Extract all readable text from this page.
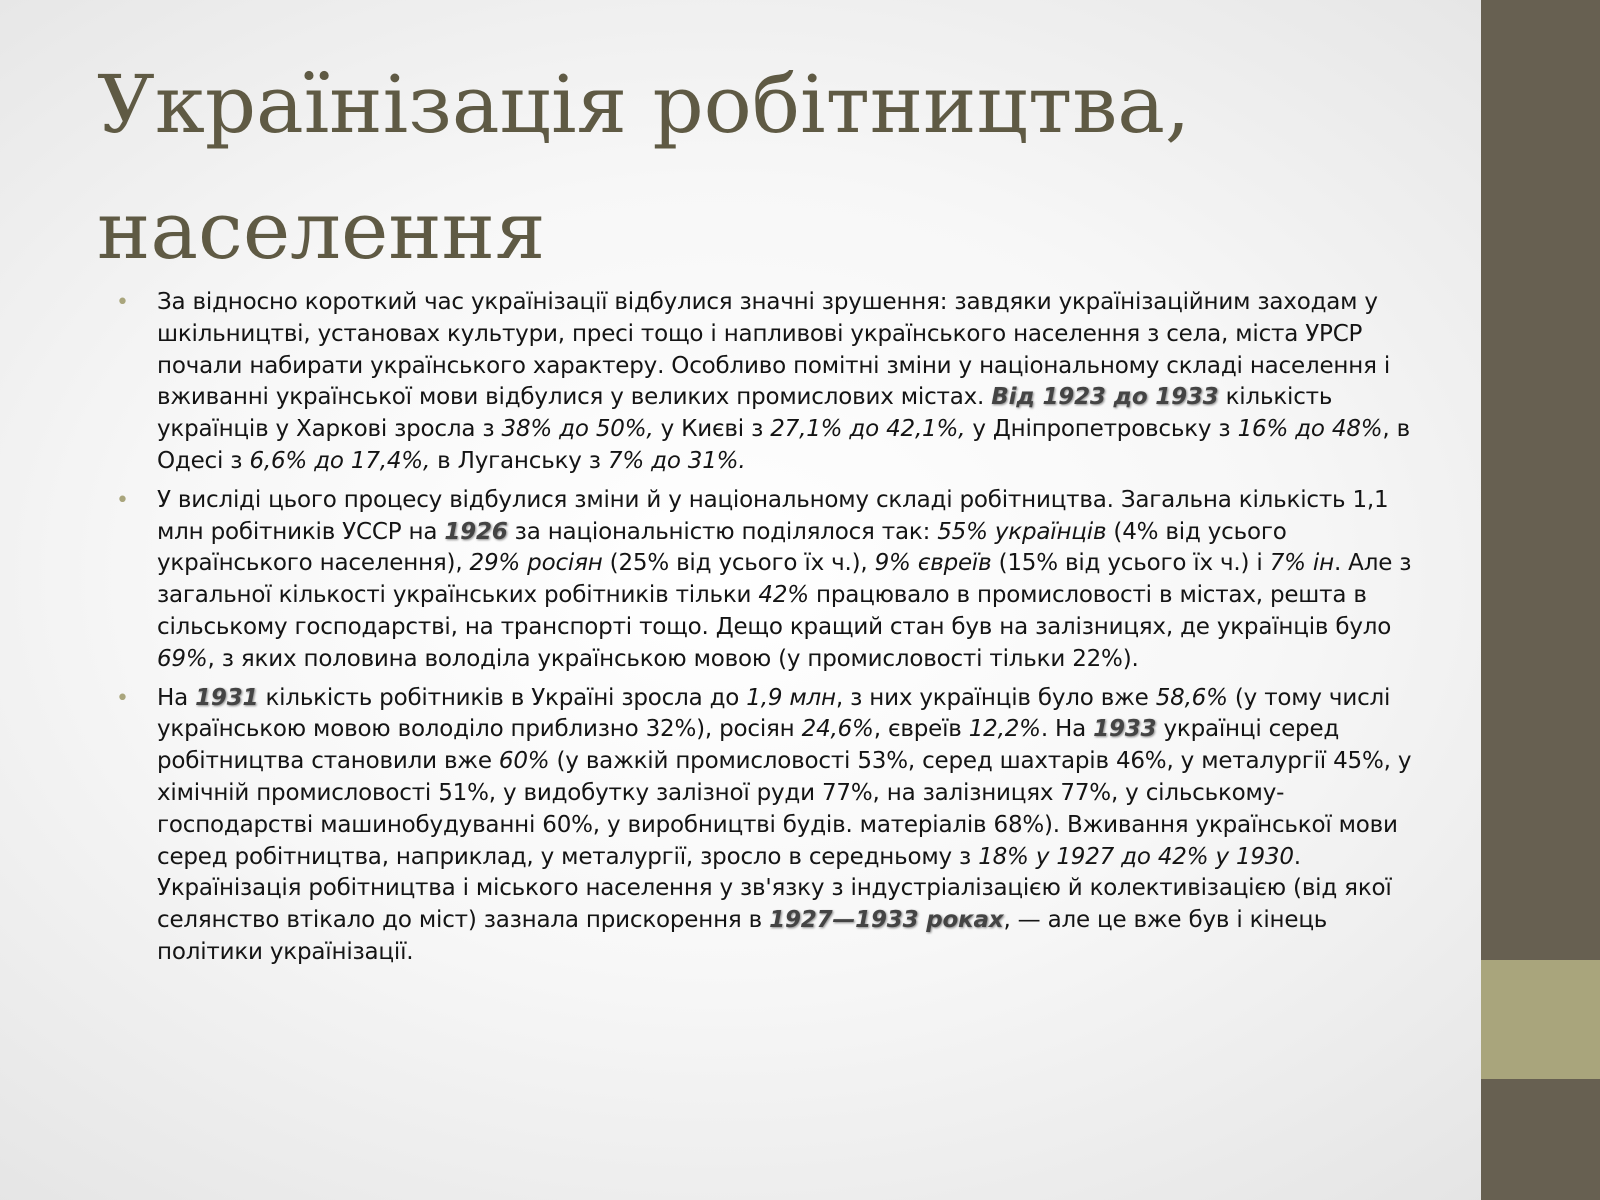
Українізація робітництва,
населення
• За відносно короткий час українізації відбулися значні зрушення: завдяки українізаційним заходам у шкільництві, установах культури, пресі тощо і напливові українського населення з села, міста УРСР почали набирати українського характеру. Особливо помітні зміни у національному складі населення і вживанні української мови відбулися у великих промислових містах. Від 1923 до 1933 кількість українців у Харкові зросла з 38% до 50%, у Києві з 27,1% до 42,1%, у Дніпропетровську з 16% до 48%, в Одесі з 6,6% до 17,4%, в Луганську з 7% до 31%.
• У висліді цього процесу відбулися зміни й у національному складі робітництва. Загальна кількість 1,1 млн робітників УССР на 1926 за національністю поділялося так: 55% українців (4% від усього українського населення), 29% росіян (25% від усього їх ч.), 9% євреїв (15% від усього їх ч.) і 7% ін. Але з загальної кількості українських робітників тільки 42% працювало в промисловості в містах, решта в сільському господарстві, на транспорті тощо. Дещо кращий стан був на залізницях, де українців було 69%, з яких половина володіла українською мовою (у промисловості тільки 22%).
• На 1931 кількість робітників в Україні зросла до 1,9 млн, з них українців було вже 58,6% (у тому числі українською мовою володіло приблизно 32%), росіян 24,6%, євреїв 12,2%. На 1933 українці серед робітництва становили вже 60% (у важкій промисловості 53%, серед шахтарів 46%, у металургії 45%, у хімічній промисловості 51%, у видобутку залізної руди 77%, на залізницях 77%, у сільському-господарстві машинобудуванні 60%, у виробництві будів. матеріалів 68%). Вживання української мови серед робітництва, наприклад, у металургії, зросло в середньому з 18% у 1927 до 42% у 1930. Українізація робітництва і міського населення у зв'язку з індустріалізацією й колективізацією (від якої селянство втікало до міст) зазнала прискорення в 1927—1933 роках, — але це вже був і кінець політики українізації.
